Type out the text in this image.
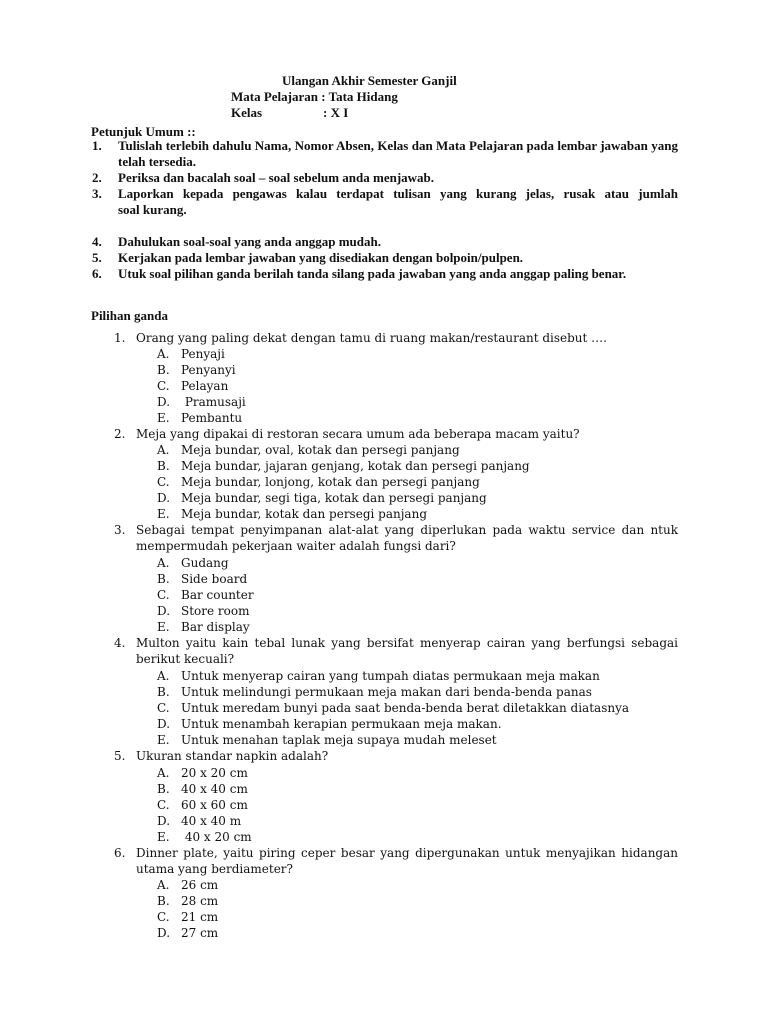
Ulangan Akhir Semester Ganjil
Mata Pelajaran : Tata Hidang
Kelas	: X I
Petunjuk Umum ::
1. Tulislah terlebih dahulu Nama, Nomor Absen, Kelas dan Mata Pelajaran pada lembar jawaban yang telah tersedia.
2. Periksa dan bacalah soal – soal sebelum anda menjawab.
3. Laporkan kepada pengawas kalau terdapat tulisan yang kurang jelas, rusak atau jumlah
soal kurang.
4. Dahulukan soal-soal yang anda anggap mudah.
5. Kerjakan pada lembar jawaban yang disediakan dengan bolpoin/pulpen.
6. Utuk soal pilihan ganda berilah tanda silang pada jawaban yang anda anggap paling benar.
Pilihan ganda
1. Orang yang paling dekat dengan tamu di ruang makan/restaurant disebut ….
A. Penyaji
B. Penyanyi
C. Pelayan
D. Pramusaji
E. Pembantu
2. Meja yang dipakai di restoran secara umum ada beberapa macam yaitu?
A. Meja bundar, oval, kotak dan persegi panjang
B. Meja bundar, jajaran genjang, kotak dan persegi panjang
C. Meja bundar, lonjong, kotak dan persegi panjang
D. Meja bundar, segi tiga, kotak dan persegi panjang
E. Meja bundar, kotak dan persegi panjang
3. Sebagai tempat penyimpanan alat-alat yang diperlukan pada waktu service dan ntuk mempermudah pekerjaan waiter adalah fungsi dari?
A. Gudang
B. Side board
C. Bar counter
D. Store room
E. Bar display
4. Multon yaitu kain tebal lunak yang bersifat menyerap cairan yang berfungsi sebagai berikut kecuali?
A. Untuk menyerap cairan yang tumpah diatas permukaan meja makan
B. Untuk melindungi permukaan meja makan dari benda-benda panas
C. Untuk meredam bunyi pada saat benda-benda berat diletakkan diatasnya
D. Untuk menambah kerapian permukaan meja makan.
E. Untuk menahan taplak meja supaya mudah meleset
5. Ukuran standar napkin adalah?
A. 20 x 20 cm
B. 40 x 40 cm
C. 60 x 60 cm
D. 40 x 40 m
E. 40 x 20 cm
6. Dinner plate, yaitu piring ceper besar yang dipergunakan untuk menyajikan hidangan utama yang berdiameter?
A. 26 cm
B. 28 cm
C. 21 cm
D. 27 cm
